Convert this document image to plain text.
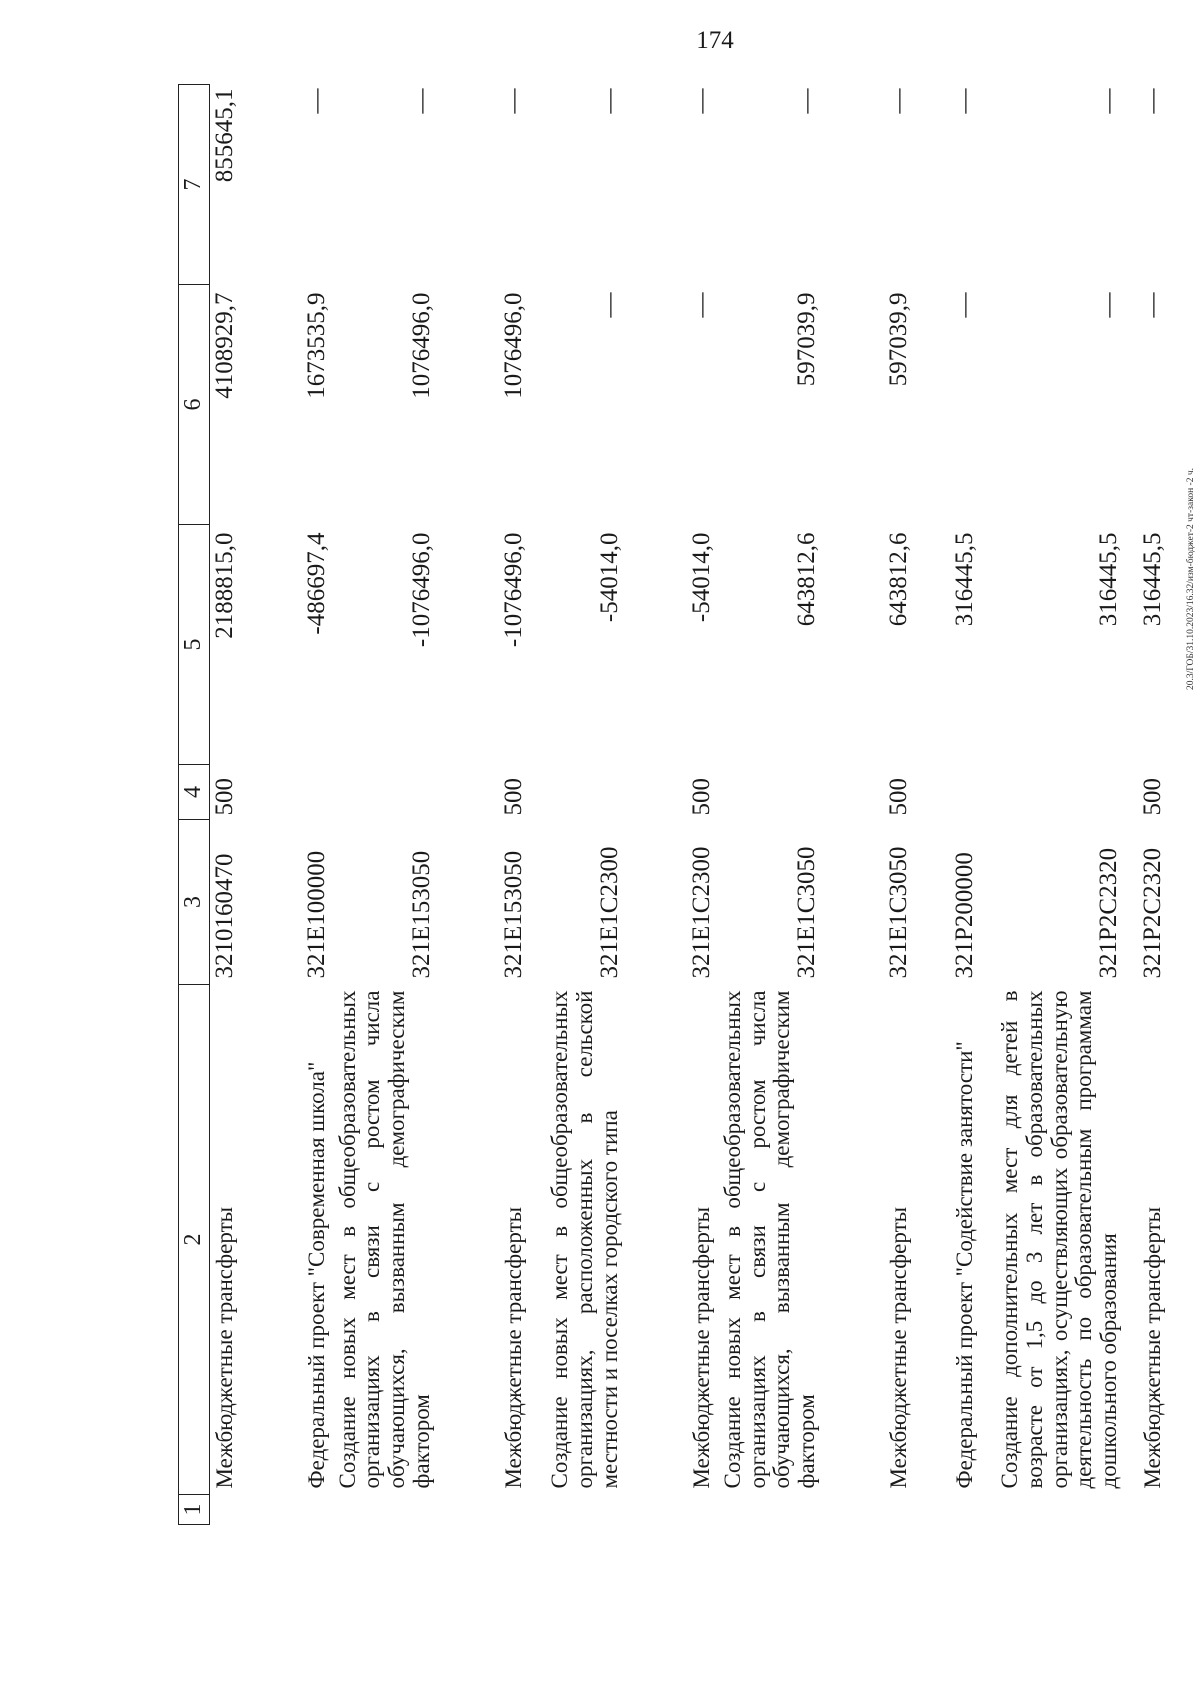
174
20.3/ГОБ/31.10.2023/16.32/изм-бюджет-2 чт-закон -2 ч.
1	2	3	4	5	6	7
	Межбюджетные трансферты	3210160470	500	2188815,0	4108929,7	855645,1
	Федеральный проект "Современная школа"	321E100000		-486697,4	1673535,9	—
	Создание новых мест в общеобразовательных организациях в связи с ростом числа обучающихся, вызванным демографическим фактором	321E153050		-1076496,0	1076496,0	—
	Межбюджетные трансферты	321E153050	500	-1076496,0	1076496,0	—
	Создание новых мест в общеобразовательных организациях, расположенных в сельской местности и поселках городского типа	321E1C2300		-54014,0	—	—
	Межбюджетные трансферты	321E1C2300	500	-54014,0	—	—
	Создание новых мест в общеобразовательных организациях в связи с ростом числа обучающихся, вызванным демографическим фактором	321E1C3050		643812,6	597039,9	—
	Межбюджетные трансферты	321E1C3050	500	643812,6	597039,9	—
	Федеральный проект "Содействие занятости"	321P200000		316445,5	—	—
	Создание дополнительных мест для детей в возрасте от 1,5 до 3 лет в образовательных организациях, осуществляющих образовательную деятельность по образовательным программам дошкольного образования	321P2C2320		316445,5	—	—
	Межбюджетные трансферты	321P2C2320	500	316445,5	—	—
